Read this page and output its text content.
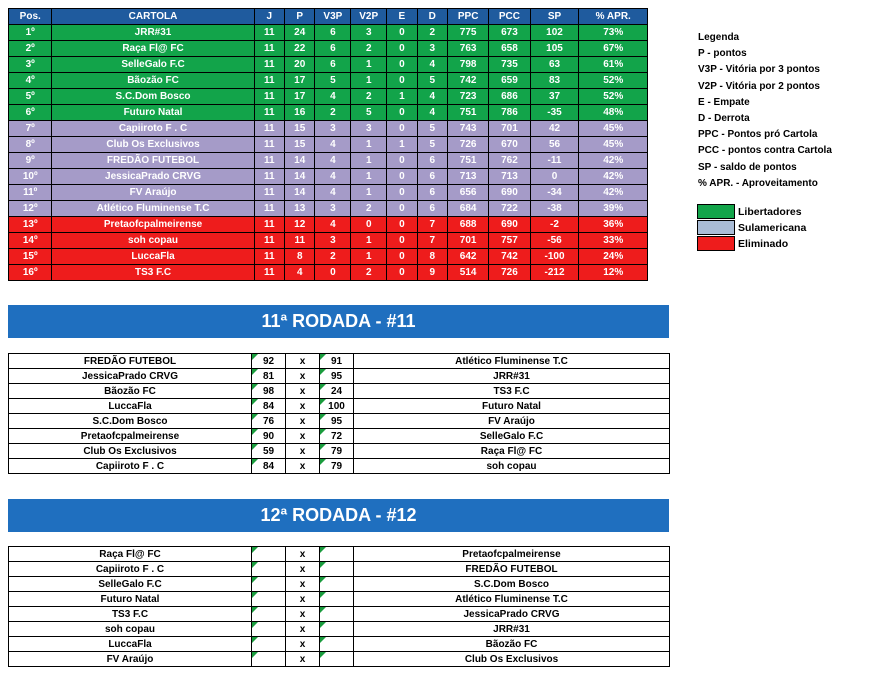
Pos.	CARTOLA	J	P	V3P	V2P	E	D	PPC	PCC	SP	% APR.
1º	JRR#31	11	24	6	3	0	2	775	673	102	73%
2º	Raça Fl@ FC	11	22	6	2	0	3	763	658	105	67%
3º	SelleGalo F.C	11	20	6	1	0	4	798	735	63	61%
4º	Bãozão FC	11	17	5	1	0	5	742	659	83	52%
5º	S.C.Dom Bosco	11	17	4	2	1	4	723	686	37	52%
6º	Futuro Natal	11	16	2	5	0	4	751	786	-35	48%
7º	Capiiroto F . C	11	15	3	3	0	5	743	701	42	45%
8º	Club Os Exclusivos	11	15	4	1	1	5	726	670	56	45%
9º	FREDÃO FUTEBOL	11	14	4	1	0	6	751	762	-11	42%
10º	JessicaPrado CRVG	11	14	4	1	0	6	713	713	0	42%
11º	FV Araújo	11	14	4	1	0	6	656	690	-34	42%
12º	Atlético Fluminense T.C	11	13	3	2	0	6	684	722	-38	39%
13º	Pretaofcpalmeirense	11	12	4	0	0	7	688	690	-2	36%
14º	soh copau	11	11	3	1	0	7	701	757	-56	33%
15º	LuccaFla	11	8	2	1	0	8	642	742	-100	24%
16º	TS3 F.C	11	4	0	2	0	9	514	726	-212	12%
Legenda
P - pontos
V3P - Vitória por 3 pontos
V2P - Vitória por 2 pontos
E - Empate
D - Derrota
PPC - Pontos pró Cartola
PCC - pontos contra Cartola
SP - saldo de pontos
% APR. - Aproveitamento
Libertadores
Sulamericana
Eliminado
11ª RODADA - #11
FREDÃO FUTEBOL	92	x	91	Atlético Fluminense T.C
JessicaPrado CRVG	81	x	95	JRR#31
Bãozão FC	98	x	24	TS3 F.C
LuccaFla	84	x	100	Futuro Natal
S.C.Dom Bosco	76	x	95	FV Araújo
Pretaofcpalmeirense	90	x	72	SelleGalo F.C
Club Os Exclusivos	59	x	79	Raça Fl@ FC
Capiiroto F . C	84	x	79	soh copau
12ª RODADA - #12
Raça Fl@ FC		x		Pretaofcpalmeirense
Capiiroto F . C		x		FREDÃO FUTEBOL
SelleGalo F.C		x		S.C.Dom Bosco
Futuro Natal		x		Atlético Fluminense T.C
TS3 F.C		x		JessicaPrado CRVG
soh copau		x		JRR#31
LuccaFla		x		Bãozão FC
FV Araújo		x		Club Os Exclusivos
